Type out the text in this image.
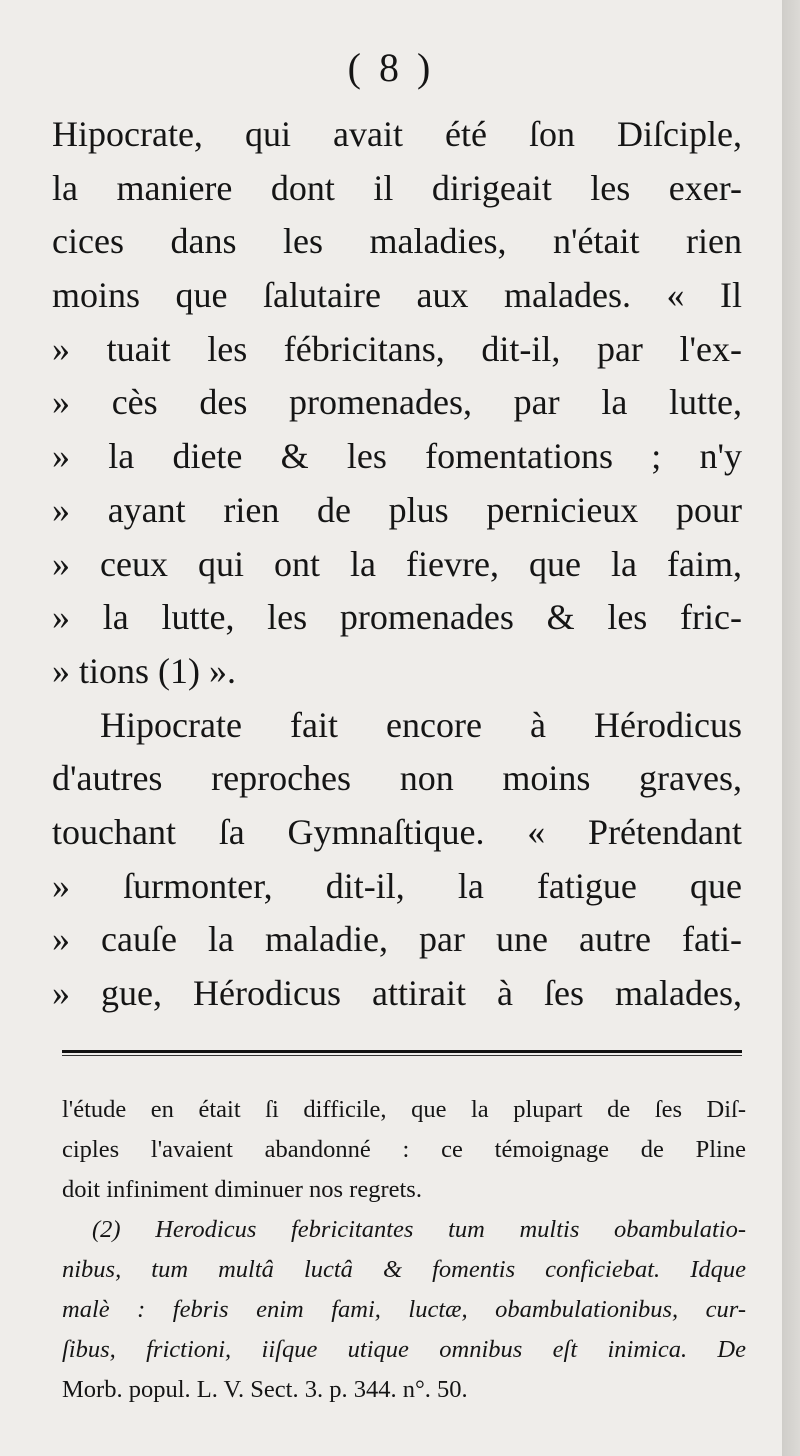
( 8 )
Hipocrate, qui avait été ſon Diſciple,
la maniere dont il dirigeait les exer-
cices dans les maladies, n'était rien
moins que ſalutaire aux malades. « Il
» tuait les fébricitans, dit-il, par l'ex-
» cès des promenades, par la lutte,
» la diete & les fomentations ; n'y
» ayant rien de plus pernicieux pour
» ceux qui ont la fievre, que la faim,
» la lutte, les promenades & les fric-
» tions (1) ».
Hipocrate fait encore à Hérodicus
d'autres reproches non moins graves,
touchant ſa Gymnaſtique. « Prétendant
» ſurmonter, dit-il, la fatigue que
» cauſe la maladie, par une autre fati-
» gue, Hérodicus attirait à ſes malades,
l'étude en était ſi difficile, que la plupart de ſes Diſ-
ciples l'avaient abandonné : ce témoignage de Pline
doit infiniment diminuer nos regrets.
(2) Herodicus febricitantes tum multis obambulatio-
nibus, tum multâ luctâ & fomentis conficiebat. Idque
malè : febris enim fami, luctæ, obambulationibus, cur-
ſibus, frictioni, iiſque utique omnibus eſt inimica. De
Morb. popul. L. V. Sect. 3. p. 344. n°. 50.
